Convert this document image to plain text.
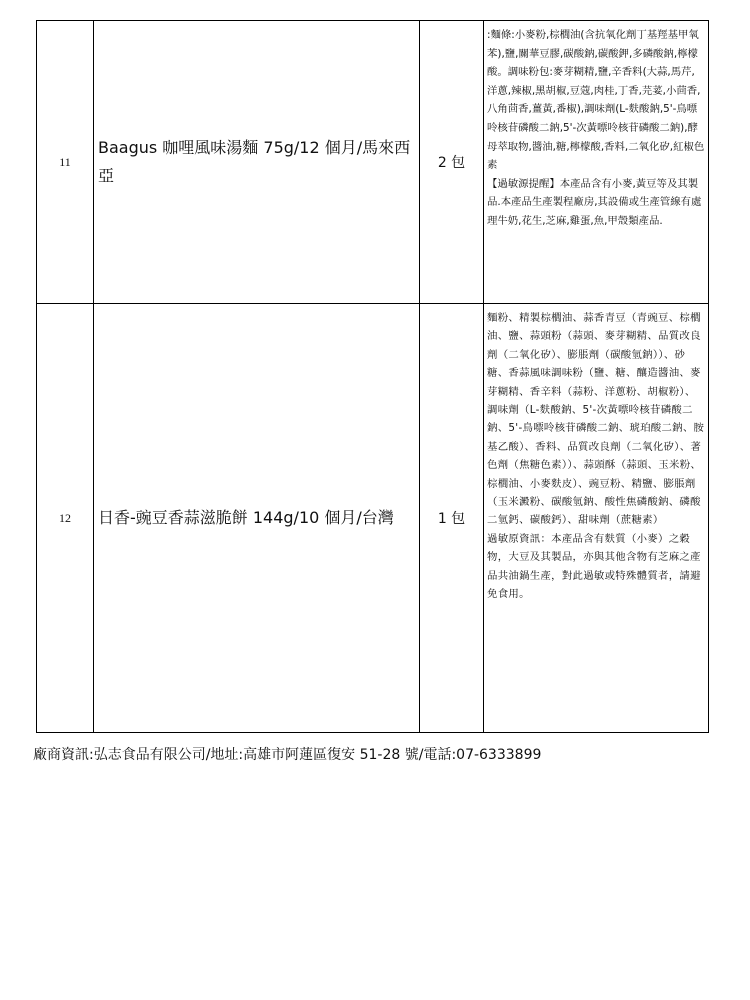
11	Baagus 咖哩風味湯麵 75g/12 個月/馬來西亞	2 包	:麵條:小麥粉,棕櫚油(含抗氧化劑丁基羥基甲氧苯),鹽,關華豆膠,碳酸鈉,碳酸鉀,多磷酸鈉,檸檬酸。調味粉包:麥芽糊精,鹽,辛香料(大蒜,馬芹,洋蔥,辣椒,黑胡椒,豆蔻,肉桂,丁香,芫荽,小茴香,八角茴香,薑黃,番椒),調味劑(L-麩酸鈉,5'-鳥嘌呤核苷磷酸二鈉,5'-次黃嘌呤核苷磷酸二鈉),酵母萃取物,醬油,糖,檸檬酸,香料,二氧化矽,紅椒色素

【過敏源提醒】本產品含有小麥,黃豆等及其製品.本產品生產製程廠房,其設備或生產管線有處理牛奶,花生,芝麻,雞蛋,魚,甲殼類產品.

12	日香-豌豆香蒜滋脆餅 144g/10 個月/台灣	1 包	麵粉、精製棕櫚油、蒜香青豆（青豌豆、棕櫚油、鹽、蒜頭粉（蒜頭、麥芽糊精、品質改良劑（二氧化矽）、膨脹劑（碳酸氫鈉））、砂糖、香蒜風味調味粉（鹽、糖、釀造醬油、麥芽糊精、香辛料（蒜粉、洋蔥粉、胡椒粉）、調味劑（L-麩酸鈉、5'-次黃嘌呤核苷磷酸二鈉、5'-鳥嘌呤核苷磷酸二鈉、琥珀酸二鈉、胺基乙酸）、香料、品質改良劑（二氧化矽）、著色劑（焦糖色素））、蒜頭酥（蒜頭、玉米粉、棕櫚油、小麥麩皮）、豌豆粉、精鹽、膨脹劑（玉米澱粉、碳酸氫鈉、酸性焦磷酸鈉、磷酸二氫鈣、碳酸鈣）、甜味劑（蔗糖素）

過敏原資訊：本產品含有麩質（小麥）之穀物，大豆及其製品，亦與其他含物有芝麻之產品共油鍋生產，對此過敏或特殊體質者，請避免食用。

廠商資訊:弘志食品有限公司/地址:高雄市阿蓮區復安 51-28 號/電話:07-6333899
